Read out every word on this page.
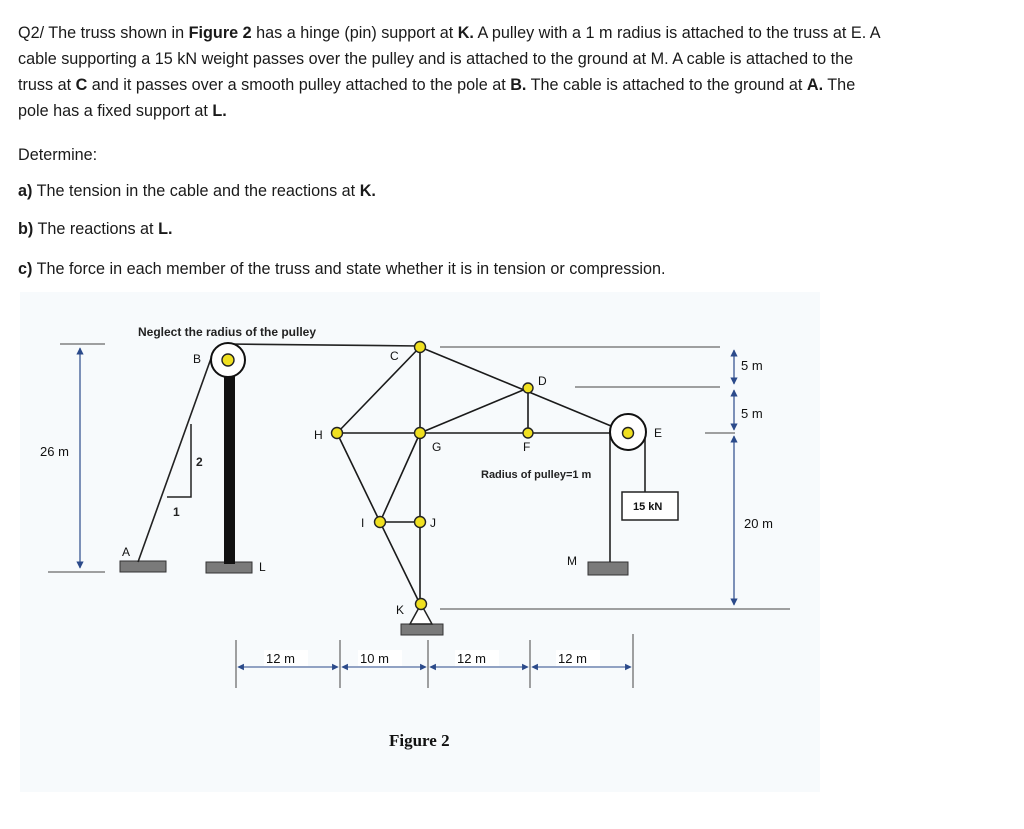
Q2/ The truss shown in Figure 2 has a hinge (pin) support at K. A pulley with a 1 m radius is attached to the truss at E. A
cable supporting a 15 kN weight passes over the pulley and is attached to the ground at M. A cable is attached to the
truss at C and it passes over a smooth pulley attached to the pole at B. The cable is attached to the ground at A. The
pole has a fixed support at L.

Determine:

a) The tension in the cable and the reactions at K.

b) The reactions at L.

c) The force in each member of the truss and state whether it is in tension or compression.

Neglect the radius of the pulley
26 m
5 m
5 m
20 m
12 m	10 m	12 m	12 m
2
1	15 kN
A
B	C
D
E
F
G
H
I	J
K
L	M
Radius of pulley=1 m
Figure 2
